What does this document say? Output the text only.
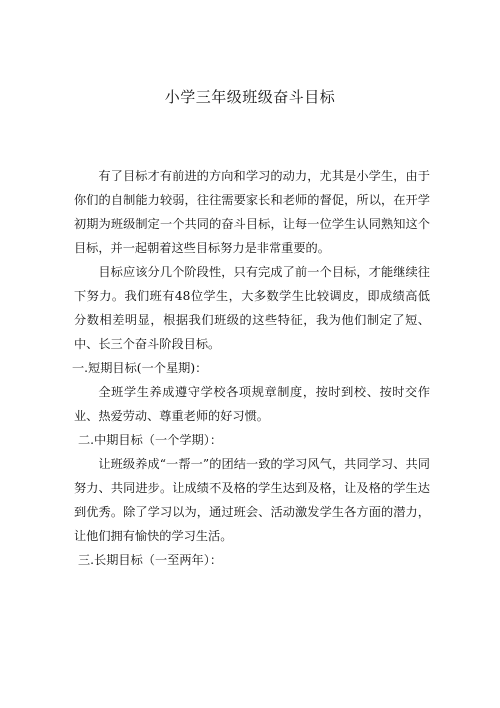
小学三年级班级奋斗目标

有了目标才有前进的方向和学习的动力，尤其是小学生，由于你们的自制能力较弱，往往需要家长和老师的督促，所以，在开学初期为班级制定一个共同的奋斗目标，让每一位学生认同熟知这个目标，并一起朝着这些目标努力是非常重要的。

目标应该分几个阶段性，只有完成了前一个目标，才能继续往下努力。我们班有48位学生，大多数学生比较调皮，即成绩高低分数相差明显，根据我们班级的这些特征，我为他们制定了短、中、长三个奋斗阶段目标。

一.短期目标(一个星期)：

全班学生养成遵守学校各项规章制度，按时到校、按时交作业、热爱劳动、尊重老师的好习惯。

二.中期目标（一个学期）：

让班级养成“一帮一”的团结一致的学习风气，共同学习、共同努力、共同进步。让成绩不及格的学生达到及格，让及格的学生达到优秀。除了学习以为，通过班会、活动激发学生各方面的潜力，让他们拥有愉快的学习生活。

三.长期目标（一至两年）：
